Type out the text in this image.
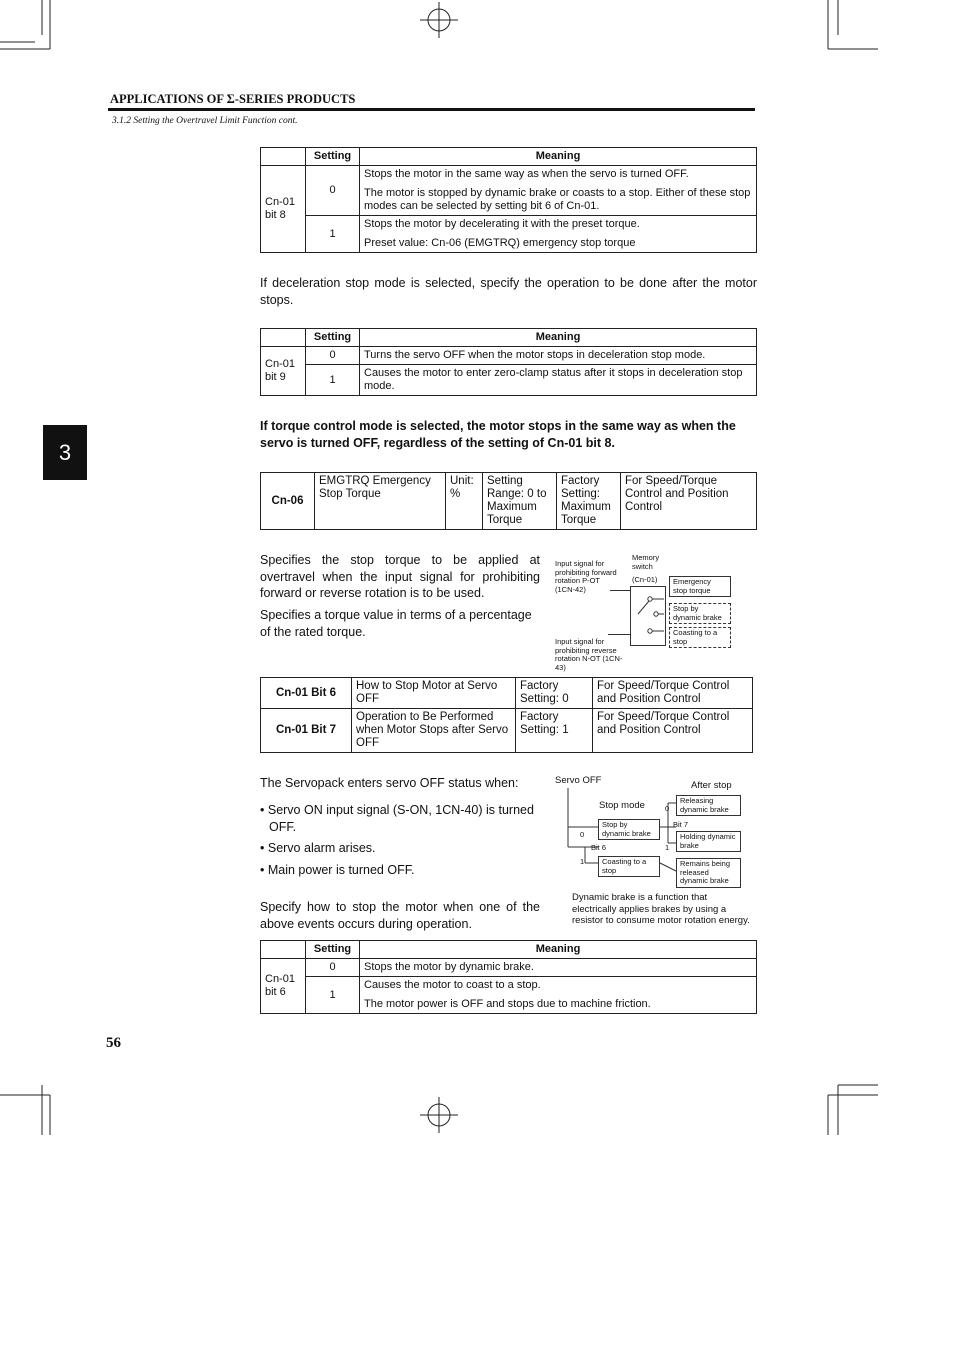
APPLICATIONS OF Σ-SERIES PRODUCTS
3.1.2 Setting the Overtravel Limit Function cont.
3
	Setting	Meaning
Cn-01 bit 8	0	Stops the motor in the same way as when the servo is turned OFF.
The motor is stopped by dynamic brake or coasts to a stop. Either of these stop modes can be selected by setting bit 6 of Cn-01.

	1	Stops the motor by decelerating it with the preset torque.
Preset value: Cn-06 (EMGTRQ) emergency stop torque
If deceleration stop mode is selected, specify the operation to be done after the motor stops.
	Setting	Meaning
Cn-01 bit 9	0	Turns the servo OFF when the motor stops in deceleration stop mode.
	1	Causes the motor to enter zero-clamp status after it stops in deceleration stop mode.
If torque control mode is selected, the motor stops in the same way as when the servo is turned OFF, regardless of the setting of Cn-01 bit 8.
Cn-06	EMGTRQ Emergency Stop Torque	Unit: %	Setting Range: 0 to Maximum Torque	Factory Setting: Maximum Torque	For Speed/Torque Control and Position Control
Specifies the stop torque to be applied at overtravel when the input signal for prohibiting forward or reverse rotation is to be used.
Specifies a torque value in terms of a percentage of the rated torque.
Input signal for prohibiting forward rotation P-OT (1CN-42)
Input signal for prohibiting reverse rotation N-OT (1CN-43)
Memory switch
(Cn-01)	Emergency stop torque
Stop by dynamic brake
Coasting to a stop
Cn-01 Bit 6	How to Stop Motor at Servo OFF	Factory Setting: 0	For Speed/Torque Control and Position Control
Cn-01 Bit 7	Operation to Be Performed when Motor Stops after Servo OFF	Factory Setting: 1	For Speed/Torque Control and Position Control
The Servopack enters servo OFF status when:
• Servo ON input signal (S-ON, 1CN-40) is turned OFF.
• Servo alarm arises.
• Main power is turned OFF.
Specify how to stop the motor when one of the above events occurs during operation.
Servo OFF	After stop
Stop mode
0
1
Bit 6
Bit 7
0
1
Stop by dynamic brake
Coasting to a stop
Releasing dynamic brake
Holding dynamic brake
Remains being released dynamic brake
Dynamic brake is a function that electrically applies brakes by using a resistor to consume motor rotation energy.
	Setting	Meaning
Cn-01 bit 6	0	Stops the motor by dynamic brake.
	1	Causes the motor to coast to a stop.
The motor power is OFF and stops due to machine friction.
56
